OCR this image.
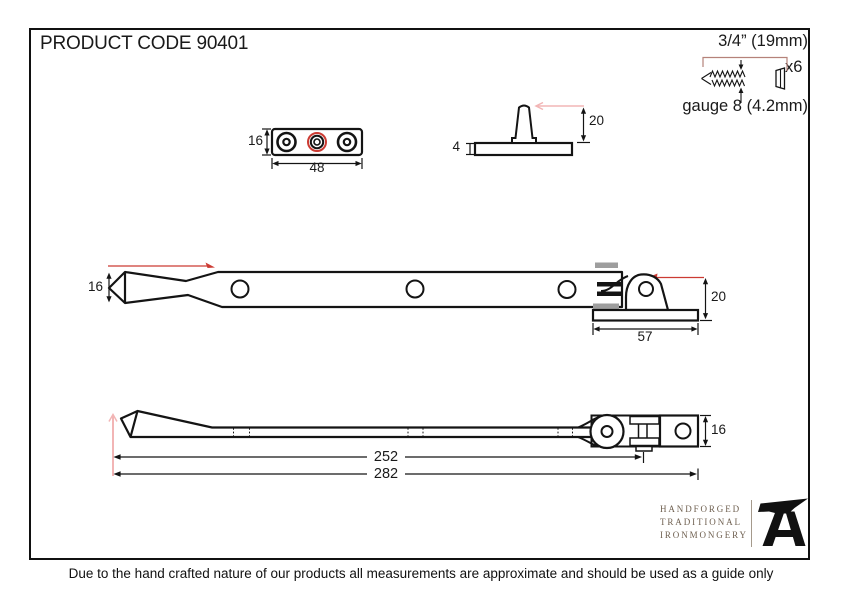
PRODUCT CODE 90401	3/4” (19mm)
x6
gauge 8 (4.2mm)
16
48
4
20
16
20
57
16
252
282
HANDFORGED
TRADITIONAL
IRONMONGERY
Due to the hand crafted nature of our products all measurements are approximate and should be used as a guide only
